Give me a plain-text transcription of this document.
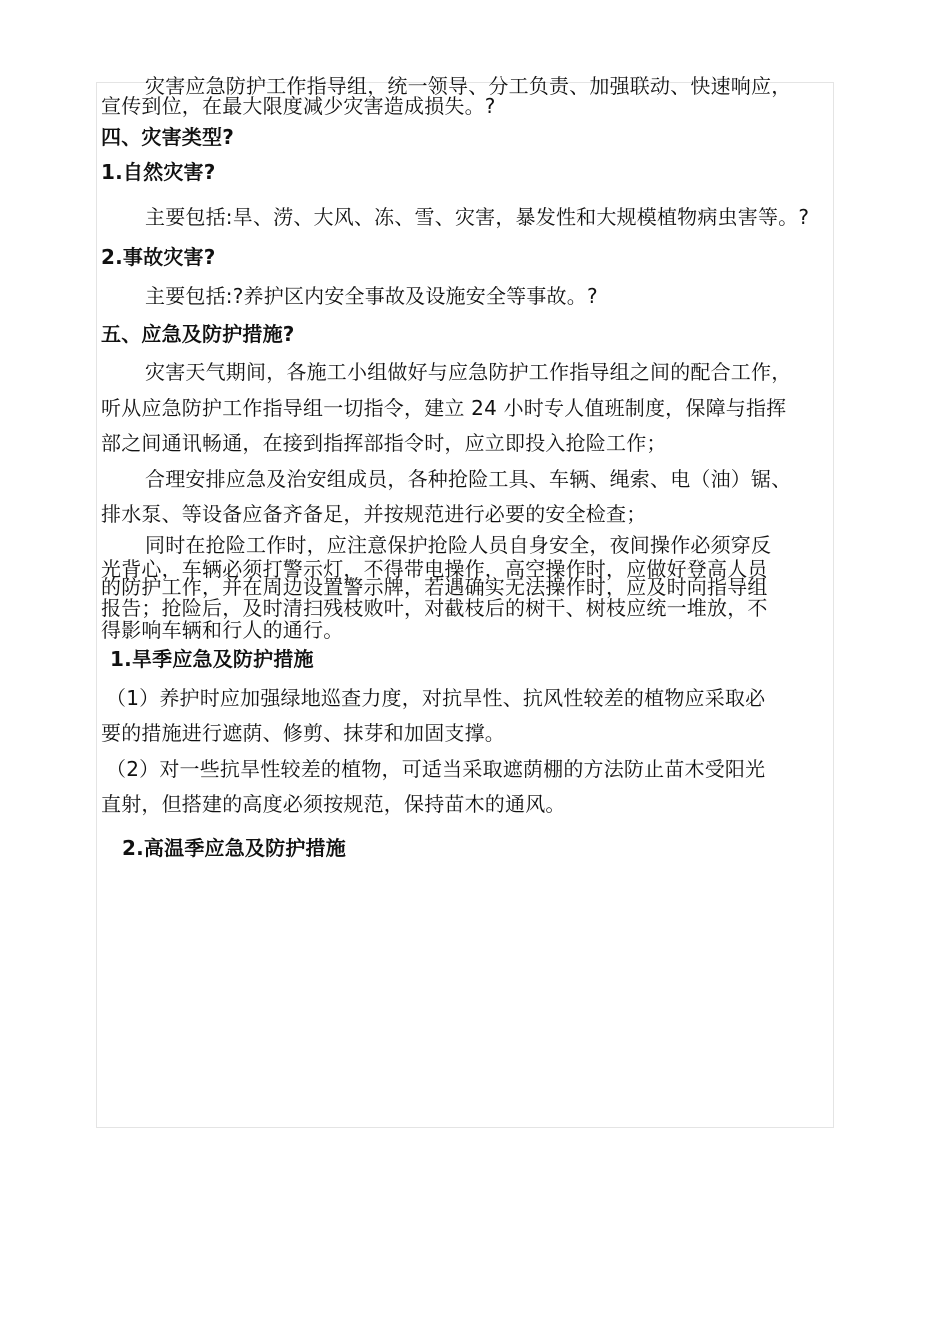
灾害应急防护工作指导组，统一领导、分工负责、加强联动、快速响应，
宣传到位，在最大限度减少灾害造成损失。?
四、灾害类型?
1.自然灾害?
主要包括:旱、涝、大风、冻、雪、灾害，暴发性和大规模植物病虫害等。?
2.事故灾害?
主要包括:?养护区内安全事故及设施安全等事故。?
五、应急及防护措施?
灾害天气期间，各施工小组做好与应急防护工作指导组之间的配合工作，
听从应急防护工作指导组一切指令，建立 24 小时专人值班制度，保障与指挥
部之间通讯畅通，在接到指挥部指令时，应立即投入抢险工作；
合理安排应急及治安组成员，各种抢险工具、车辆、绳索、电（油）锯、
排水泵、等设备应备齐备足，并按规范进行必要的安全检查；
同时在抢险工作时，应注意保护抢险人员自身安全，夜间操作必须穿反
光背心，车辆必须打警示灯，不得带电操作，高空操作时，应做好登高人员
的防护工作，并在周边设置警示牌，若遇确实无法操作时，应及时向指导组
报告；抢险后，及时清扫残枝败叶，对截枝后的树干、树枝应统一堆放，不
得影响车辆和行人的通行。
1.旱季应急及防护措施
（1）养护时应加强绿地巡查力度，对抗旱性、抗风性较差的植物应采取必
要的措施进行遮荫、修剪、抹芽和加固支撑。
（2）对一些抗旱性较差的植物，可适当采取遮荫棚的方法防止苗木受阳光
直射，但搭建的高度必须按规范，保持苗木的通风。
2.高温季应急及防护措施
